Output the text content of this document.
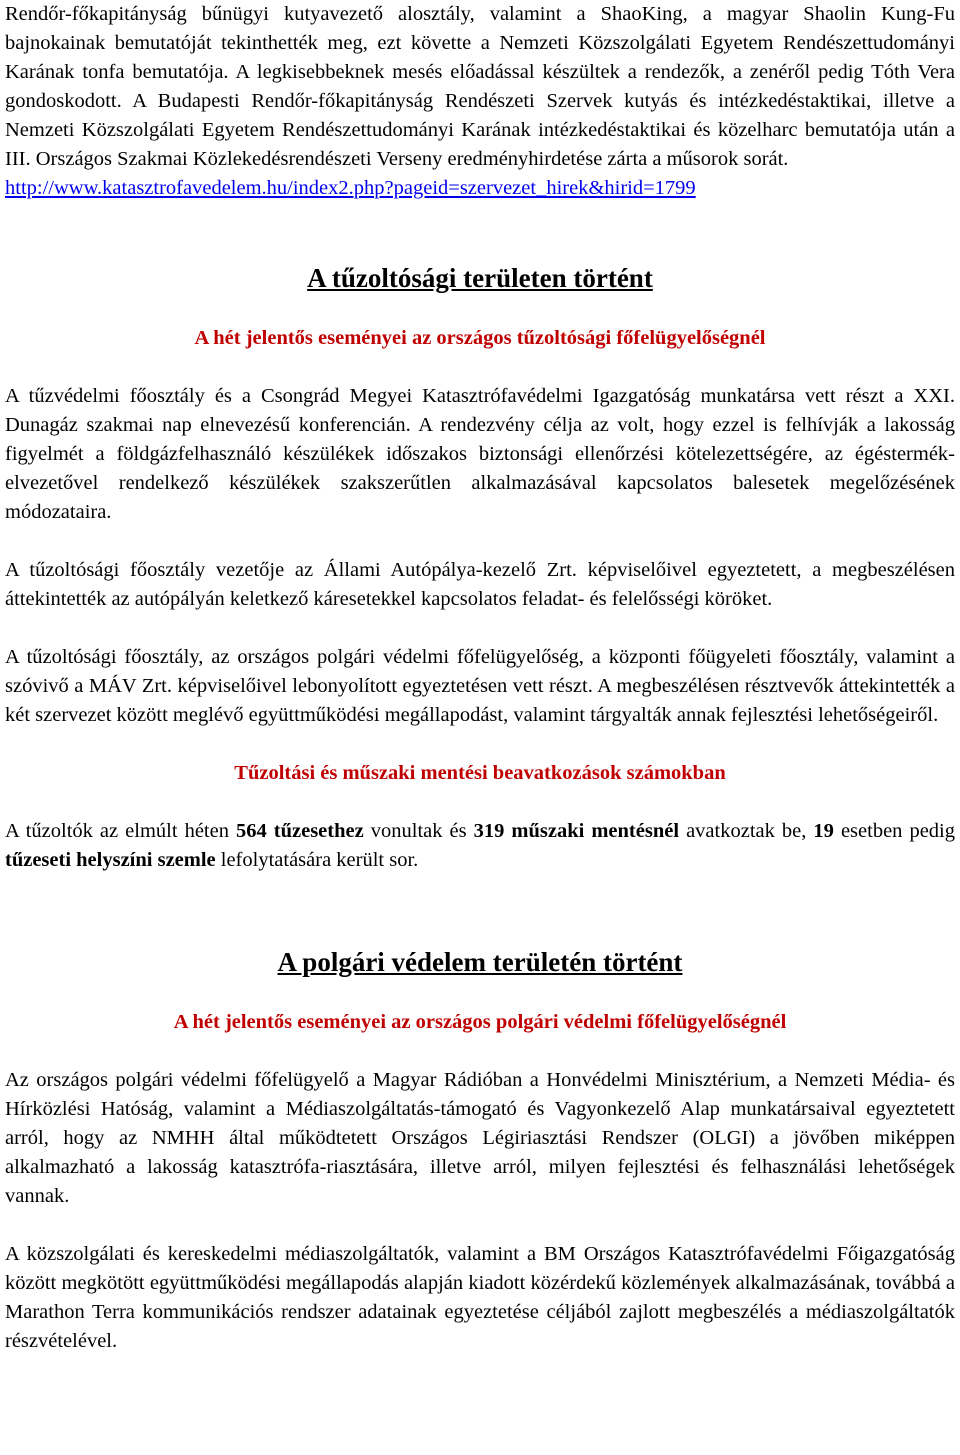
Rendőr-főkapitányság bűnügyi kutyavezető alosztály, valamint a ShaoKing, a magyar Shaolin Kung-Fu bajnokainak bemutatóját tekinthették meg, ezt követte a Nemzeti Közszolgálati Egyetem Rendészettudományi Karának tonfa bemutatója. A legkisebbeknek mesés előadással készültek a rendezők, a zenéről pedig Tóth Vera gondoskodott. A Budapesti Rendőr-főkapitányság Rendészeti Szervek kutyás és intézkedéstaktikai, illetve a Nemzeti Közszolgálati Egyetem Rendészettudományi Karának intézkedéstaktikai és közelharc bemutatója után a III. Országos Szakmai Közlekedésrendészeti Verseny eredményhirdetése zárta a műsorok sorát.

http://www.katasztrofavedelem.hu/index2.php?pageid=szervezet_hirek&hirid=1799
A tűzoltósági területen történt
A hét jelentős eseményei az országos tűzoltósági főfelügyelőségnél

A tűzvédelmi főosztály és a Csongrád Megyei Katasztrófavédelmi Igazgatóság munkatársa vett részt a XXI. Dunagáz szakmai nap elnevezésű konferencián. A rendezvény célja az volt, hogy ezzel is felhívják a lakosság figyelmét a földgázfelhasználó készülékek időszakos biztonsági ellenőrzési kötelezettségére, az égéstermék-elvezetővel rendelkező készülékek szakszerűtlen alkalmazásával kapcsolatos balesetek megelőzésének módozataira.

A tűzoltósági főosztály vezetője az Állami Autópálya-kezelő Zrt. képviselőivel egyeztetett, a megbeszélésen áttekintették az autópályán keletkező káresetekkel kapcsolatos feladat- és felelősségi köröket.

A tűzoltósági főosztály, az országos polgári védelmi főfelügyelőség, a központi főügyeleti főosztály, valamint a szóvivő a MÁV Zrt. képviselőivel lebonyolított egyeztetésen vett részt. A megbeszélésen résztvevők áttekintették a két szervezet között meglévő együttműködési megállapodást, valamint tárgyalták annak fejlesztési lehetőségeiről.

Tűzoltási és műszaki mentési beavatkozások számokban

A tűzoltók az elmúlt héten 564 tűzesethez vonultak és 319 műszaki mentésnél avatkoztak be, 19 esetben pedig tűzeseti helyszíni szemle lefolytatására került sor.

A polgári védelem területén történt
A hét jelentős eseményei az országos polgári védelmi főfelügyelőségnél

Az országos polgári védelmi főfelügyelő a Magyar Rádióban a Honvédelmi Minisztérium, a Nemzeti Média- és Hírközlési Hatóság, valamint a Médiaszolgáltatás-támogató és Vagyonkezelő Alap munkatársaival egyeztetett arról, hogy az NMHH által működtetett Országos Légiriasztási Rendszer (OLGI) a jövőben miképpen alkalmazható a lakosság katasztrófa-riasztására, illetve arról, milyen fejlesztési és felhasználási lehetőségek vannak.

A közszolgálati és kereskedelmi médiaszolgáltatók, valamint a BM Országos Katasztrófavédelmi Főigazgatóság között megkötött együttműködési megállapodás alapján kiadott közérdekű közlemények alkalmazásának, továbbá a Marathon Terra kommunikációs rendszer adatainak egyeztetése céljából zajlott megbeszélés a médiaszolgáltatók részvételével.
